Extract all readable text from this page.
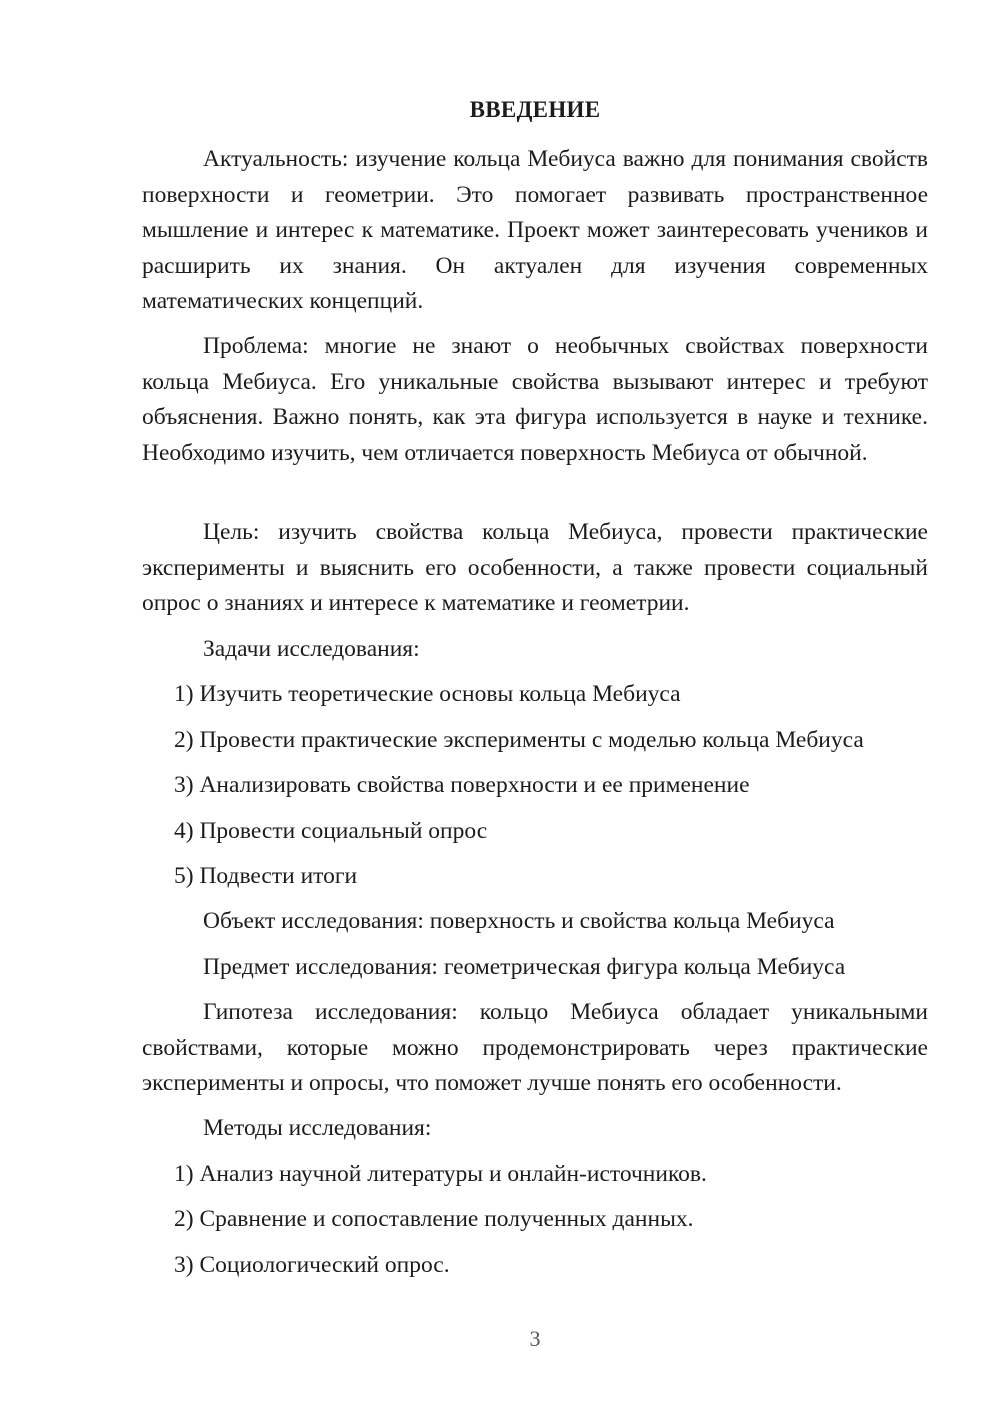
ВВЕДЕНИЕ

Актуальность: изучение кольца Мебиуса важно для понимания свойств поверхности и геометрии. Это помогает развивать пространственное мышление и интерес к математике. Проект может заинтересовать учеников и расширить их знания. Он актуален для изучения современных математических концепций.

Проблема: многие не знают о необычных свойствах поверхности кольца Мебиуса. Его уникальные свойства вызывают интерес и требуют объяснения. Важно понять, как эта фигура используется в науке и технике. Необходимо изучить, чем отличается поверхность Мебиуса от обычной.

Цель: изучить свойства кольца Мебиуса, провести практические эксперименты и выяснить его особенности, а также провести социальный опрос о знаниях и интересе к математике и геометрии.

Задачи исследования:
1) Изучить теоретические основы кольца Мебиуса
2) Провести практические эксперименты с моделью кольца Мебиуса
3) Анализировать свойства поверхности и ее применение
4) Провести социальный опрос
5) Подвести итоги
Объект исследования: поверхность и свойства кольца Мебиуса
Предмет исследования: геометрическая фигура кольца Мебиуса

Гипотеза исследования: кольцо Мебиуса обладает уникальными свойствами, которые можно продемонстрировать через практические эксперименты и опросы, что поможет лучше понять его особенности.

Методы исследования:
1) Анализ научной литературы и онлайн-источников.
2) Сравнение и сопоставление полученных данных.
3) Социологический опрос.
3
